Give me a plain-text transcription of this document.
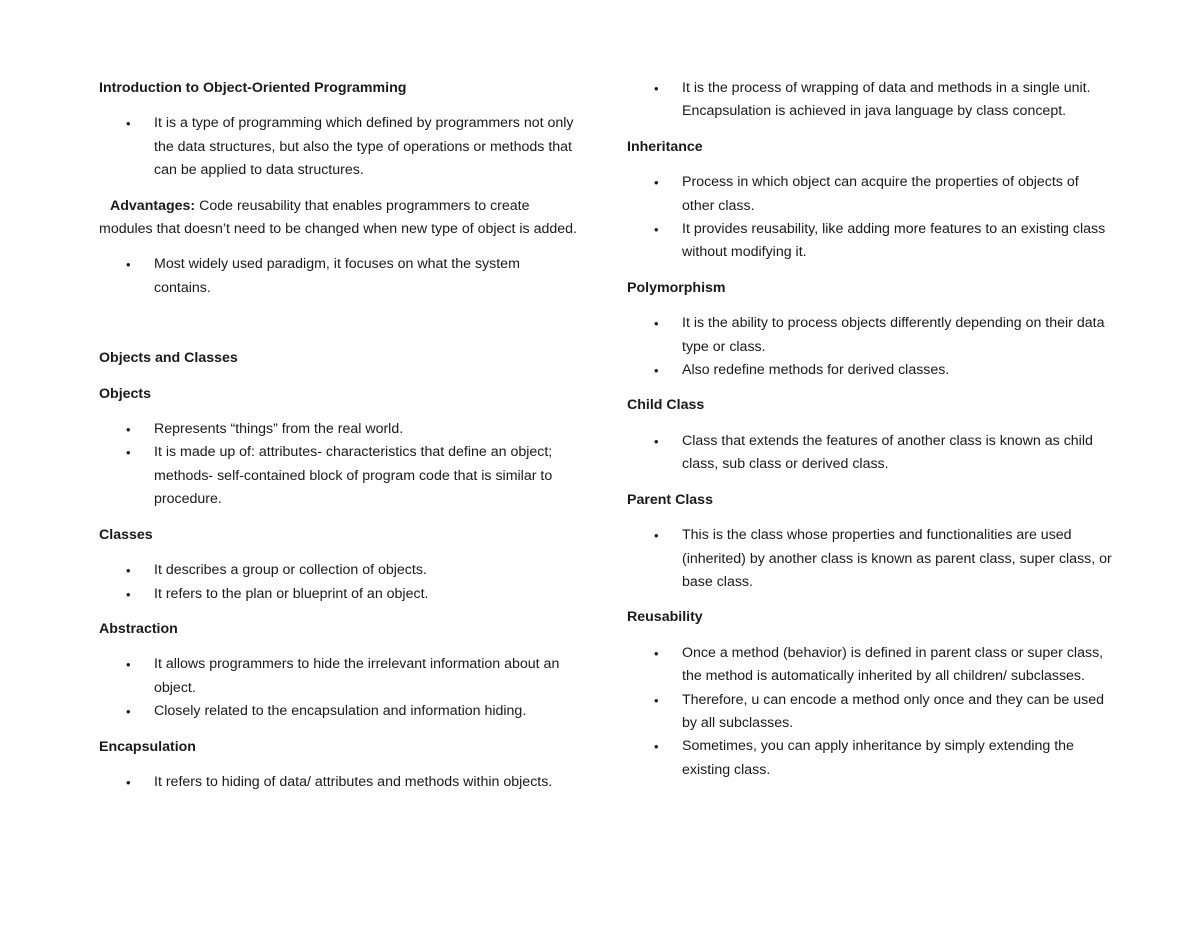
Introduction to Object-Oriented Programming
• It is a type of programming which defined by programmers not only the data structures, but also the type of operations or methods that can be applied to data structures.
Advantages: Code reusability that enables programmers to create modules that doesn’t need to be changed when new type of object is added.
• Most widely used paradigm, it focuses on what the system contains.
Objects and Classes
Objects
• Represents “things” from the real world.
• It is made up of: attributes- characteristics that define an object; methods- self-contained block of program code that is similar to procedure.
Classes
• It describes a group or collection of objects.
• It refers to the plan or blueprint of an object.
Abstraction
• It allows programmers to hide the irrelevant information about an object.
• Closely related to the encapsulation and information hiding.
Encapsulation
• It refers to hiding of data/ attributes and methods within objects.
• It is the process of wrapping of data and methods in a single unit. Encapsulation is achieved in java language by class concept.
Inheritance
• Process in which object can acquire the properties of objects of other class.
• It provides reusability, like adding more features to an existing class without modifying it.
Polymorphism
• It is the ability to process objects differently depending on their data type or class.
• Also redefine methods for derived classes.
Child Class
• Class that extends the features of another class is known as child class, sub class or derived class.
Parent Class
• This is the class whose properties and functionalities are used (inherited) by another class is known as parent class, super class, or base class.
Reusability
• Once a method (behavior) is defined in parent class or super class, the method is automatically inherited by all children/ subclasses.
• Therefore, u can encode a method only once and they can be used by all subclasses.
• Sometimes, you can apply inheritance by simply extending the existing class.
